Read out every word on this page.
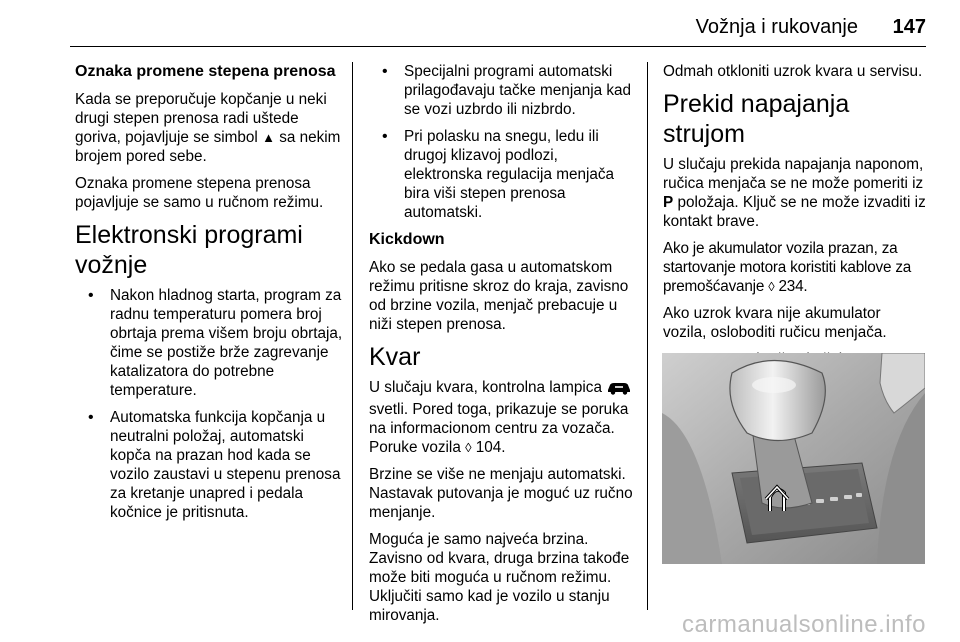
Vožnja i rukovanje 147
Oznaka promene stepena prenosa

Kada se preporučuje kopčanje u neki drugi stepen prenosa radi uštede goriva, pojavljuje se simbol ▲ sa nekim brojem pored sebe.

Oznaka promene stepena prenosa pojavljuje se samo u ručnom režimu.

Elektronski programi vožnje
• Nakon hladnog starta, program za radnu temperaturu pomera broj obrtaja prema višem broju obrtaja, čime se postiže brže zagrevanje katalizatora do potrebne temperature.
• Automatska funkcija kopčanja u neutralni položaj, automatski kopča na prazan hod kada se vozilo zaustavi u stepenu prenosa za kretanje unapred i pedala kočnice je pritisnuta.
• Specijalni programi automatski prilagođavaju tačke menjanja kad se vozi uzbrdo ili nizbrdo.
• Pri polasku na snegu, ledu ili drugoj klizavoj podlozi, elektronska regulacija menjača bira viši stepen prenosa automatski.
Kickdown

Ako se pedala gasa u automatskom režimu pritisne skroz do kraja, zavisno od brzine vozila, menjač prebacuje u niži stepen prenosa.

Kvar

U slučaju kvara, kontrolna lampica  svetli. Pored toga, prikazuje se poruka na informacionom centru za vozača. Poruke vozila ◊ 104.

Brzine se više ne menjaju automatski. Nastavak putovanja je moguć uz ručno menjanje.

Moguća je samo najveća brzina. Zavisno od kvara, druga brzina takođe može biti moguća u ručnom režimu. Uključiti samo kad je vozilo u stanju mirovanja.

Odmah otkloniti uzrok kvara u servisu.

Prekid napajanja strujom

U slučaju prekida napajanja naponom, ručica menjača se ne može pomeriti iz P položaja. Ključ se ne može izvaditi iz kontakt brave.

Ako je akumulator vozila prazan, za startovanje motora koristiti kablove za premošćavanje ◊ 234.

Ako uzrok kvara nije akumulator vozila, osloboditi ručicu menjača.

carmanualsonline.info
